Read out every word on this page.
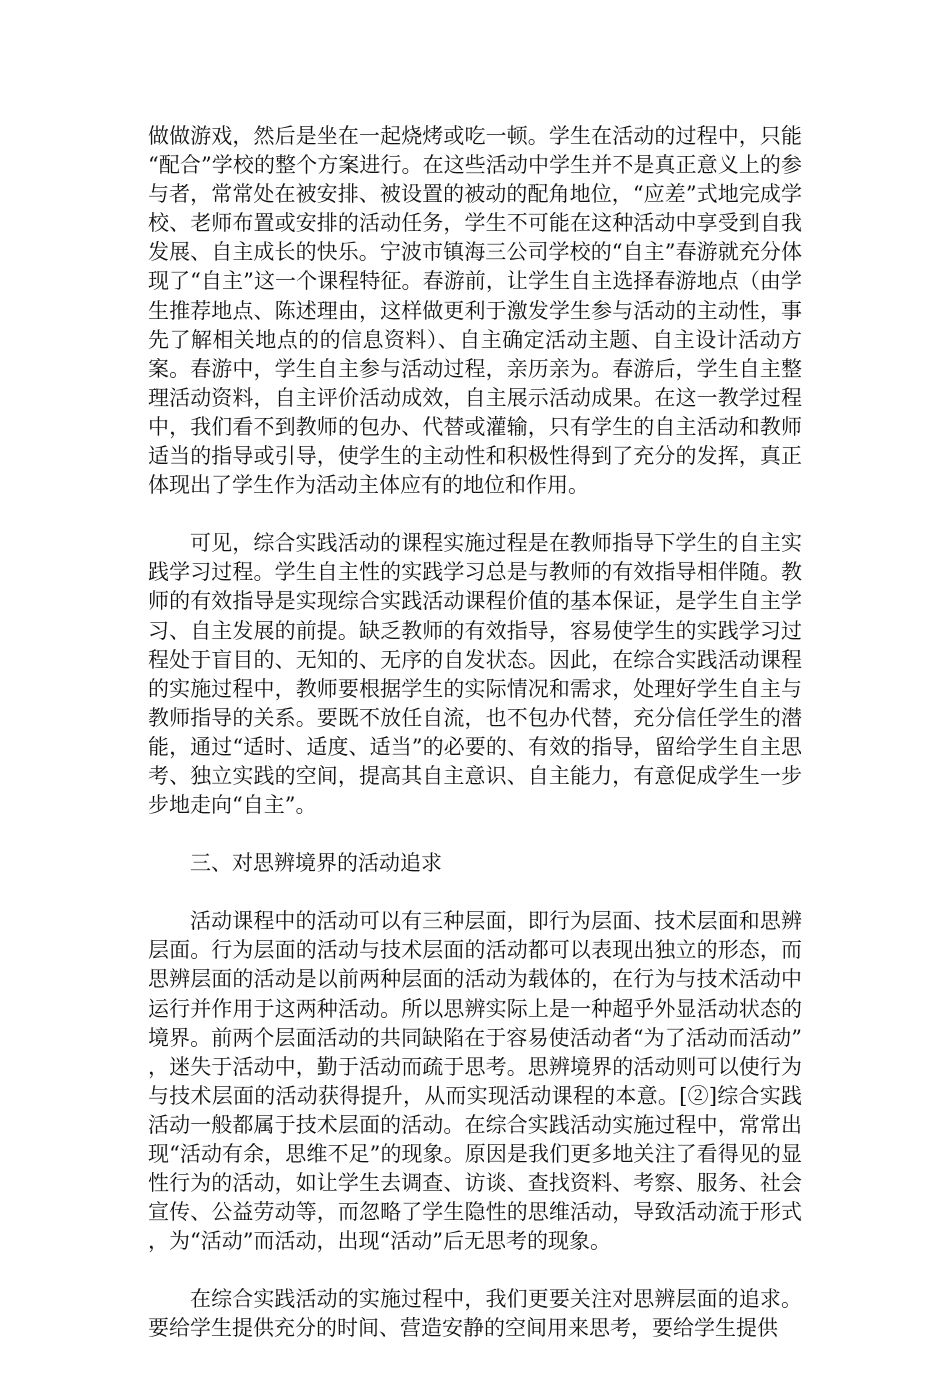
做做游戏，然后是坐在一起烧烤或吃一顿。学生在活动的过程中，只能“配合”学校的整个方案进行。在这些活动中学生并不是真正意义上的参与者，常常处在被安排、被设置的被动的配角地位，“应差”式地完成学校、老师布置或安排的活动任务，学生不可能在这种活动中享受到自我发展、自主成长的快乐。宁波市镇海三公司学校的“自主”春游就充分体现了“自主”这一个课程特征。春游前，让学生自主选择春游地点（由学生推荐地点、陈述理由，这样做更利于激发学生参与活动的主动性，事先了解相关地点的的信息资料）、自主确定活动主题、自主设计活动方案。春游中，学生自主参与活动过程，亲历亲为。春游后，学生自主整理活动资料，自主评价活动成效，自主展示活动成果。在这一教学过程中，我们看不到教师的包办、代替或灌输，只有学生的自主活动和教师适当的指导或引导，使学生的主动性和积极性得到了充分的发挥，真正体现出了学生作为活动主体应有的地位和作用。

可见，综合实践活动的课程实施过程是在教师指导下学生的自主实践学习过程。学生自主性的实践学习总是与教师的有效指导相伴随。教师的有效指导是实现综合实践活动课程价值的基本保证，是学生自主学习、自主发展的前提。缺乏教师的有效指导，容易使学生的实践学习过程处于盲目的、无知的、无序的自发状态。因此，在综合实践活动课程的实施过程中，教师要根据学生的实际情况和需求，处理好学生自主与教师指导的关系。要既不放任自流，也不包办代替，充分信任学生的潜能，通过“适时、适度、适当”的必要的、有效的指导，留给学生自主思考、独立实践的空间，提高其自主意识、自主能力，有意促成学生一步步地走向“自主”。

三、对思辨境界的活动追求

活动课程中的活动可以有三种层面，即行为层面、技术层面和思辨层面。行为层面的活动与技术层面的活动都可以表现出独立的形态，而思辨层面的活动是以前两种层面的活动为载体的，在行为与技术活动中运行并作用于这两种活动。所以思辨实际上是一种超乎外显活动状态的境界。前两个层面活动的共同缺陷在于容易使活动者“为了活动而活动”，迷失于活动中，勤于活动而疏于思考。思辨境界的活动则可以使行为与技术层面的活动获得提升，从而实现活动课程的本意。[②]综合实践活动一般都属于技术层面的活动。在综合实践活动实施过程中，常常出现“活动有余，思维不足”的现象。原因是我们更多地关注了看得见的显性行为的活动，如让学生去调查、访谈、查找资料、考察、服务、社会宣传、公益劳动等，而忽略了学生隐性的思维活动，导致活动流于形式，为“活动”而活动，出现“活动”后无思考的现象。

在综合实践活动的实施过程中，我们更要关注对思辨层面的追求。要给学生提供充分的时间、营造安静的空间用来思考，要给学生提供
